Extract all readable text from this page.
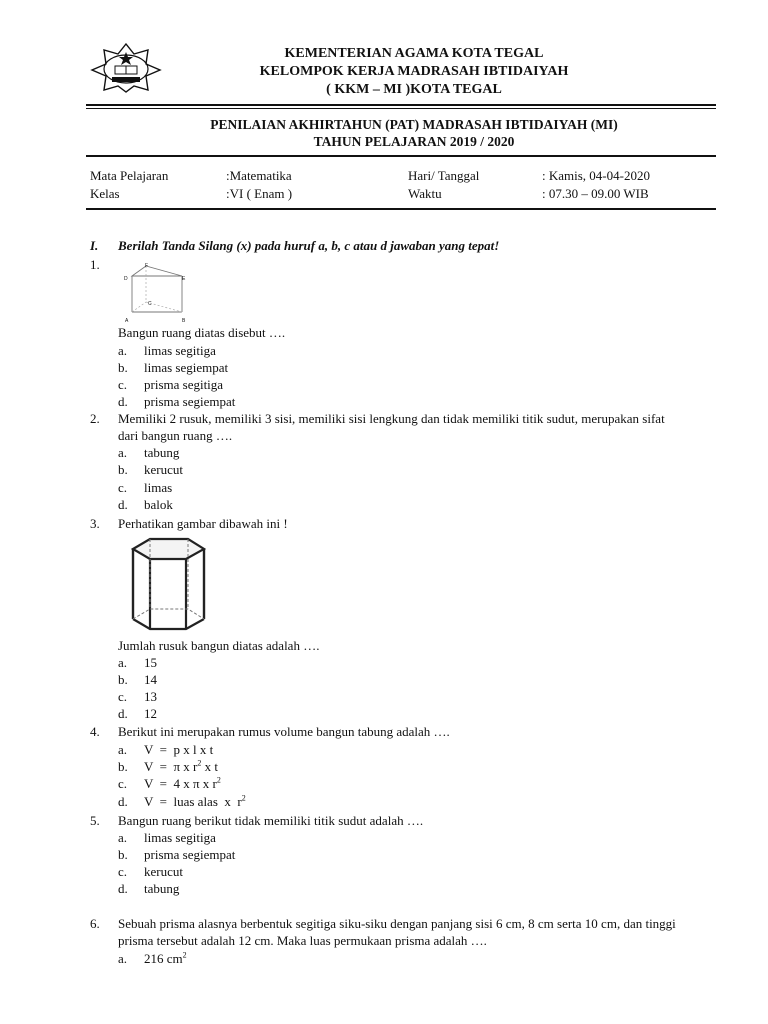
KEMENTERIAN AGAMA KOTA TEGAL
KELOMPOK KERJA MADRASAH IBTIDAIYAH
( KKM – MI )KOTA TEGAL
PENILAIAN AKHIRTAHUN (PAT) MADRASAH IBTIDAIYAH (MI)
TAHUN PELAJARAN 2019 / 2020
Mata Pelajaran	:Matematika	Hari/ Tanggal	: Kamis, 04-04-2020
Kelas	:VI ( Enam )	Waktu	: 07.30 – 09.00 WIB
I. Berilah Tanda Silang (x) pada huruf a, b, c atau d jawaban yang tepat!
1.
D
F
E
C
A	B
Bangun ruang diatas disebut ….
a. limas segitiga
b. limas segiempat
c. prisma segitiga
d. prisma segiempat
2. Memiliki 2 rusuk, memiliki 3 sisi, memiliki sisi lengkung dan tidak memiliki titik sudut, merupakan sifat dari bangun ruang ….
a. tabung
b. kerucut
c. limas
d. balok
3. Perhatikan gambar dibawah ini !
Jumlah rusuk bangun diatas adalah ….
a. 15
b. 14
c. 13
d. 12
4. Berikut ini merupakan rumus volume bangun tabung adalah ….
a. V  =  p x l x t
b. V  =  π x $r^2$ x t
c. V  =  4 x π x $r^2$
d. V  =  luas alas  x  $r^2$
5. Bangun ruang berikut tidak memiliki titik sudut adalah ….
a. limas segitiga
b. prisma segiempat
c. kerucut
d. tabung
6. Sebuah prisma alasnya berbentuk segitiga siku-siku dengan panjang sisi 6 cm, 8 cm serta 10 cm, dan tinggi prisma tersebut adalah 12 cm. Maka luas permukaan prisma adalah ….
a. 216 $cm^2$
